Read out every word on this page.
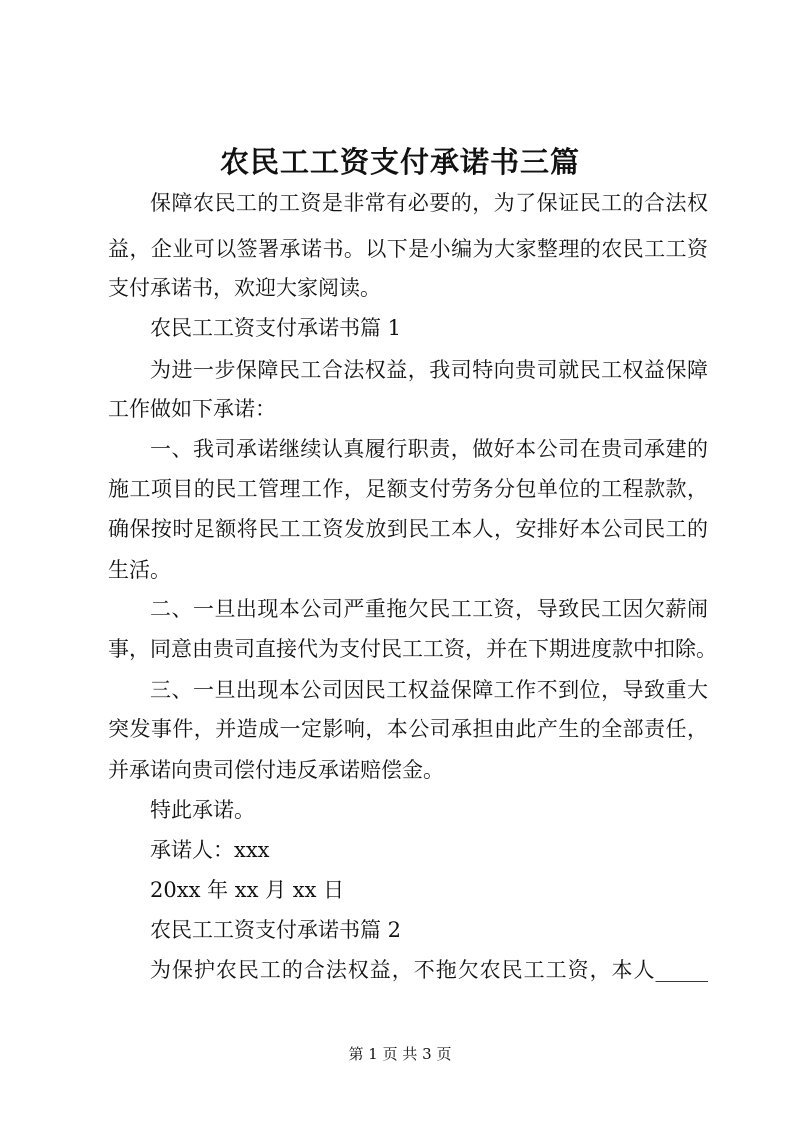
农民工工资支付承诺书三篇

保障农民工的工资是非常有必要的，为了保证民工的合法权

益，企业可以签署承诺书。以下是小编为大家整理的农民工工资

支付承诺书，欢迎大家阅读。

农民工工资支付承诺书篇 1

为进一步保障民工合法权益，我司特向贵司就民工权益保障

工作做如下承诺：

一、我司承诺继续认真履行职责，做好本公司在贵司承建的

施工项目的民工管理工作，足额支付劳务分包单位的工程款款，

确保按时足额将民工工资发放到民工本人，安排好本公司民工的

生活。

二、一旦出现本公司严重拖欠民工工资，导致民工因欠薪闹

事，同意由贵司直接代为支付民工工资，并在下期进度款中扣除。

三、一旦出现本公司因民工权益保障工作不到位，导致重大

突发事件，并造成一定影响，本公司承担由此产生的全部责任，

并承诺向贵司偿付违反承诺赔偿金。

特此承诺。

承诺人：xxx

20xx 年 xx 月 xx 日

农民工工资支付承诺书篇 2

为保护农民工的合法权益，不拖欠农民工工资，本人_____

第 1 页 共 3 页
